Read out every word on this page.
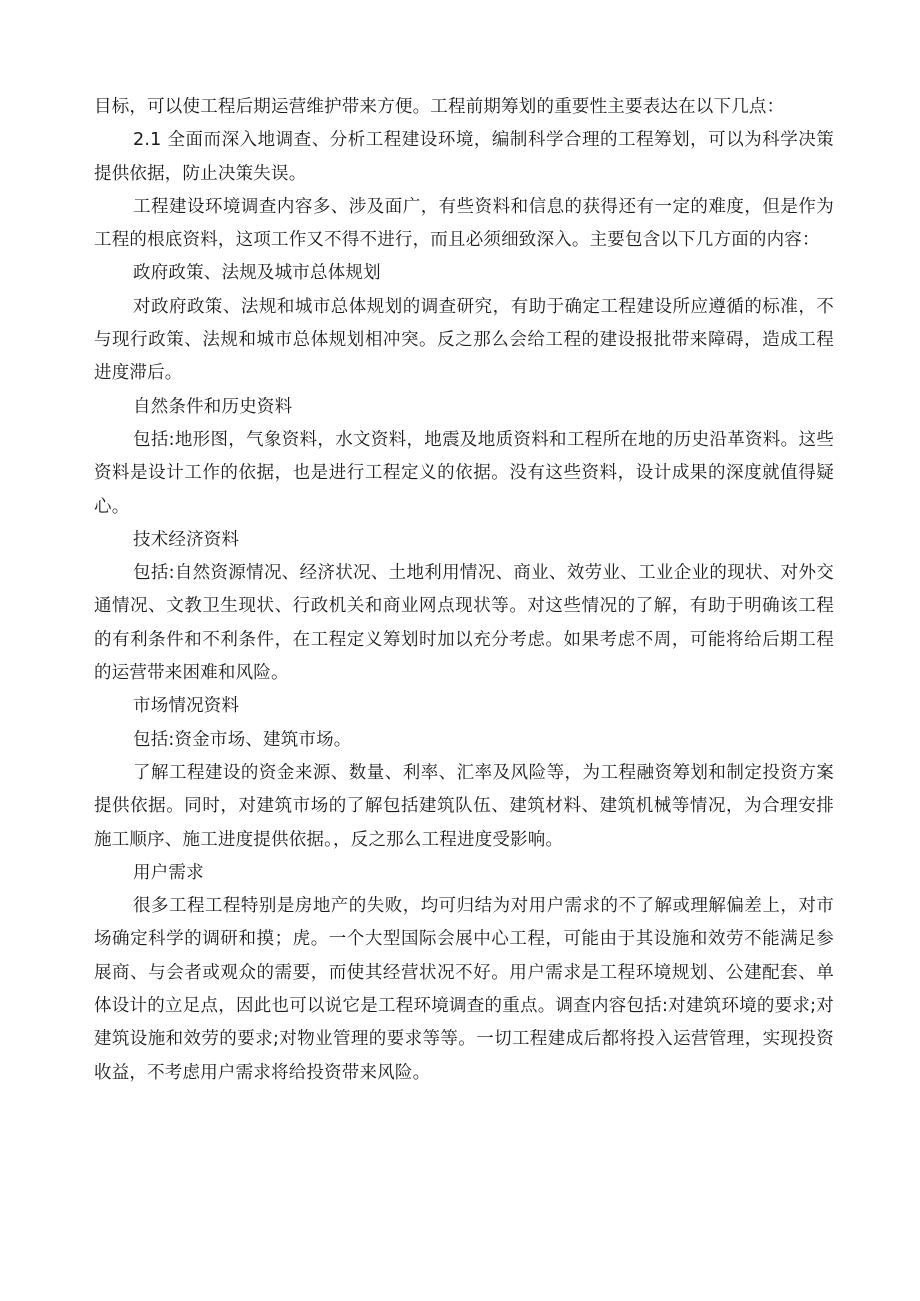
目标，可以使工程后期运营维护带来方便。工程前期筹划的重要性主要表达在以下几点：

2.1 全面而深入地调查、分析工程建设环境，编制科学合理的工程筹划，可以为科学决策提供依据，防止决策失误。

工程建设环境调查内容多、涉及面广，有些资料和信息的获得还有一定的难度，但是作为工程的根底资料，这项工作又不得不进行，而且必须细致深入。主要包含以下几方面的内容：

政府政策、法规及城市总体规划

对政府政策、法规和城市总体规划的调查研究，有助于确定工程建设所应遵循的标准，不与现行政策、法规和城市总体规划相冲突。反之那么会给工程的建设报批带来障碍，造成工程进度滞后。

自然条件和历史资料

包括:地形图，气象资料，水文资料，地震及地质资料和工程所在地的历史沿革资料。这些资料是设计工作的依据，也是进行工程定义的依据。没有这些资料，设计成果的深度就值得疑心。

技术经济资料

包括:自然资源情况、经济状况、土地利用情况、商业、效劳业、工业企业的现状、对外交通情况、文教卫生现状、行政机关和商业网点现状等。对这些情况的了解，有助于明确该工程的有利条件和不利条件，在工程定义筹划时加以充分考虑。如果考虑不周，可能将给后期工程的运营带来困难和风险。

市场情况资料

包括:资金市场、建筑市场。

了解工程建设的资金来源、数量、利率、汇率及风险等，为工程融资筹划和制定投资方案提供依据。同时，对建筑市场的了解包括建筑队伍、建筑材料、建筑机械等情况，为合理安排施工顺序、施工进度提供依据。，反之那么工程进度受影响。

用户需求

很多工程工程特别是房地产的失败，均可归结为对用户需求的不了解或理解偏差上，对市场确定科学的调研和摸；虎。一个大型国际会展中心工程，可能由于其设施和效劳不能满足参展商、与会者或观众的需要，而使其经营状况不好。用户需求是工程环境规划、公建配套、单体设计的立足点，因此也可以说它是工程环境调查的重点。调查内容包括:对建筑环境的要求;对建筑设施和效劳的要求;对物业管理的要求等等。一切工程建成后都将投入运营管理，实现投资收益，不考虑用户需求将给投资带来风险。
